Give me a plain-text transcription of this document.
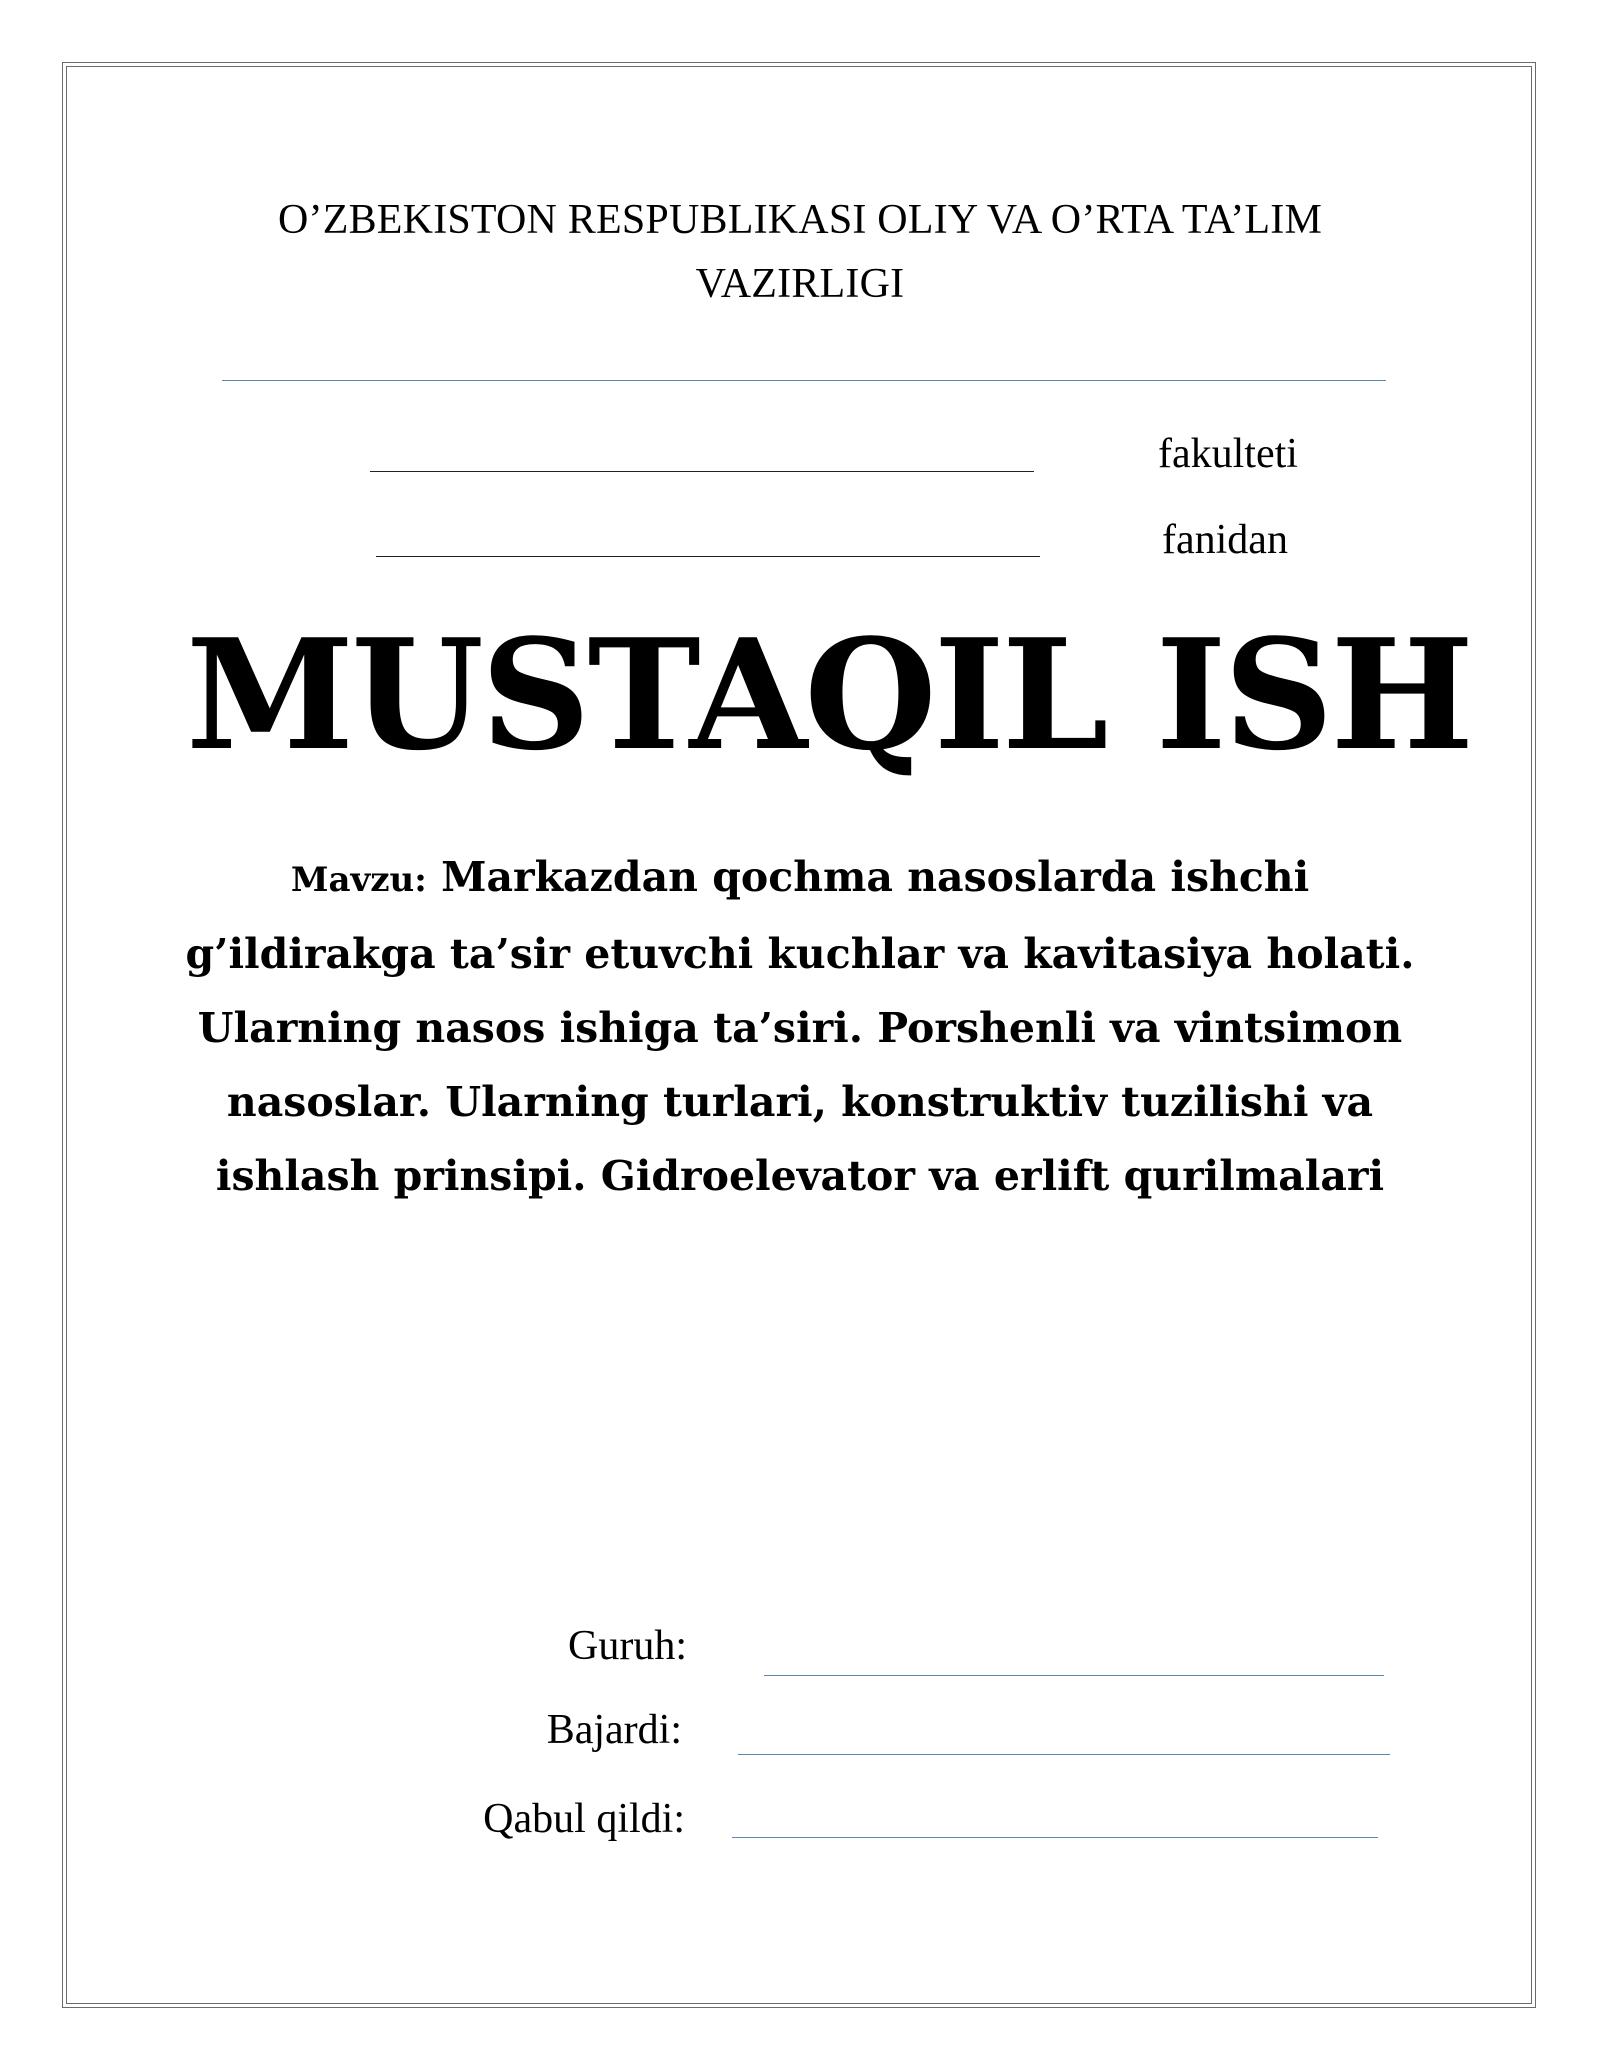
O’ZBEKISTON RESPUBLIKASI OLIY VA O’RTA TA’LIM
VAZIRLIGI
fakulteti
fanidan
MUSTAQIL ISH
Mavzu: Markazdan qochma nasoslarda ishchi g’ildirakga ta’sir etuvchi kuchlar va kavitasiya holati. Ularning nasos ishiga ta’siri. Porshenli va vintsimon nasoslar. Ularning turlari, konstruktiv tuzilishi va ishlash prinsipi. Gidroelevator va erlift qurilmalari
Guruh:
Bajardi:
Qabul qildi:
